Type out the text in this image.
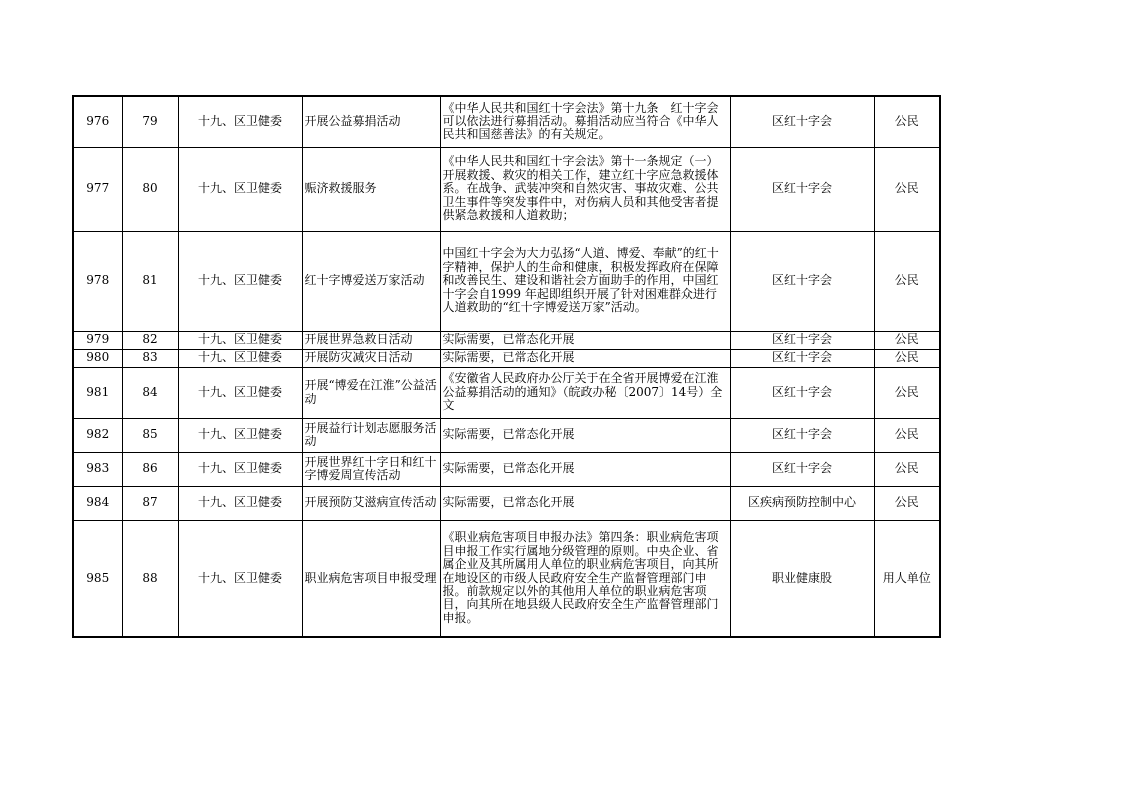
976	79	十九、区卫健委	开展公益募捐活动	《中华人民共和国红十字会法》第十九条　红十字会可以依法进行募捐活动。募捐活动应当符合《中华人民共和国慈善法》的有关规定。	区红十字会	公民
977	80	十九、区卫健委	赈济救援服务	《中华人民共和国红十字会法》第十一条规定（一）开展救援、救灾的相关工作，建立红十字应急救援体系。在战争、武装冲突和自然灾害、事故灾难、公共卫生事件等突发事件中，对伤病人员和其他受害者提供紧急救援和人道救助；	区红十字会	公民
978	81	十九、区卫健委	红十字博爱送万家活动	中国红十字会为大力弘扬“人道、博爱、奉献”的红十字精神，保护人的生命和健康，积极发挥政府在保障和改善民生、建设和谐社会方面助手的作用，中国红十字会自1999 年起即组织开展了针对困难群众进行人道救助的“红十字博爱送万家”活动。	区红十字会	公民
979	82	十九、区卫健委	开展世界急救日活动	实际需要，已常态化开展	区红十字会	公民
980	83	十九、区卫健委	开展防灾减灾日活动	实际需要，已常态化开展	区红十字会	公民
981	84	十九、区卫健委	开展“博爱在江淮”公益活动	《安徽省人民政府办公厅关于在全省开展博爱在江淮公益募捐活动的通知》（皖政办秘〔2007〕14号）全文	区红十字会	公民
982	85	十九、区卫健委	开展益行计划志愿服务活动	实际需要，已常态化开展	区红十字会	公民
983	86	十九、区卫健委	开展世界红十字日和红十字博爱周宣传活动	实际需要，已常态化开展	区红十字会	公民
984	87	十九、区卫健委	开展预防艾滋病宣传活动	实际需要，已常态化开展	区疾病预防控制中心	公民
985	88	十九、区卫健委	职业病危害项目申报受理	《职业病危害项目申报办法》第四条：职业病危害项目申报工作实行属地分级管理的原则。中央企业、省属企业及其所属用人单位的职业病危害项目，向其所在地设区的市级人民政府安全生产监督管理部门申报。前款规定以外的其他用人单位的职业病危害项目，向其所在地县级人民政府安全生产监督管理部门申报。	职业健康股	用人单位
